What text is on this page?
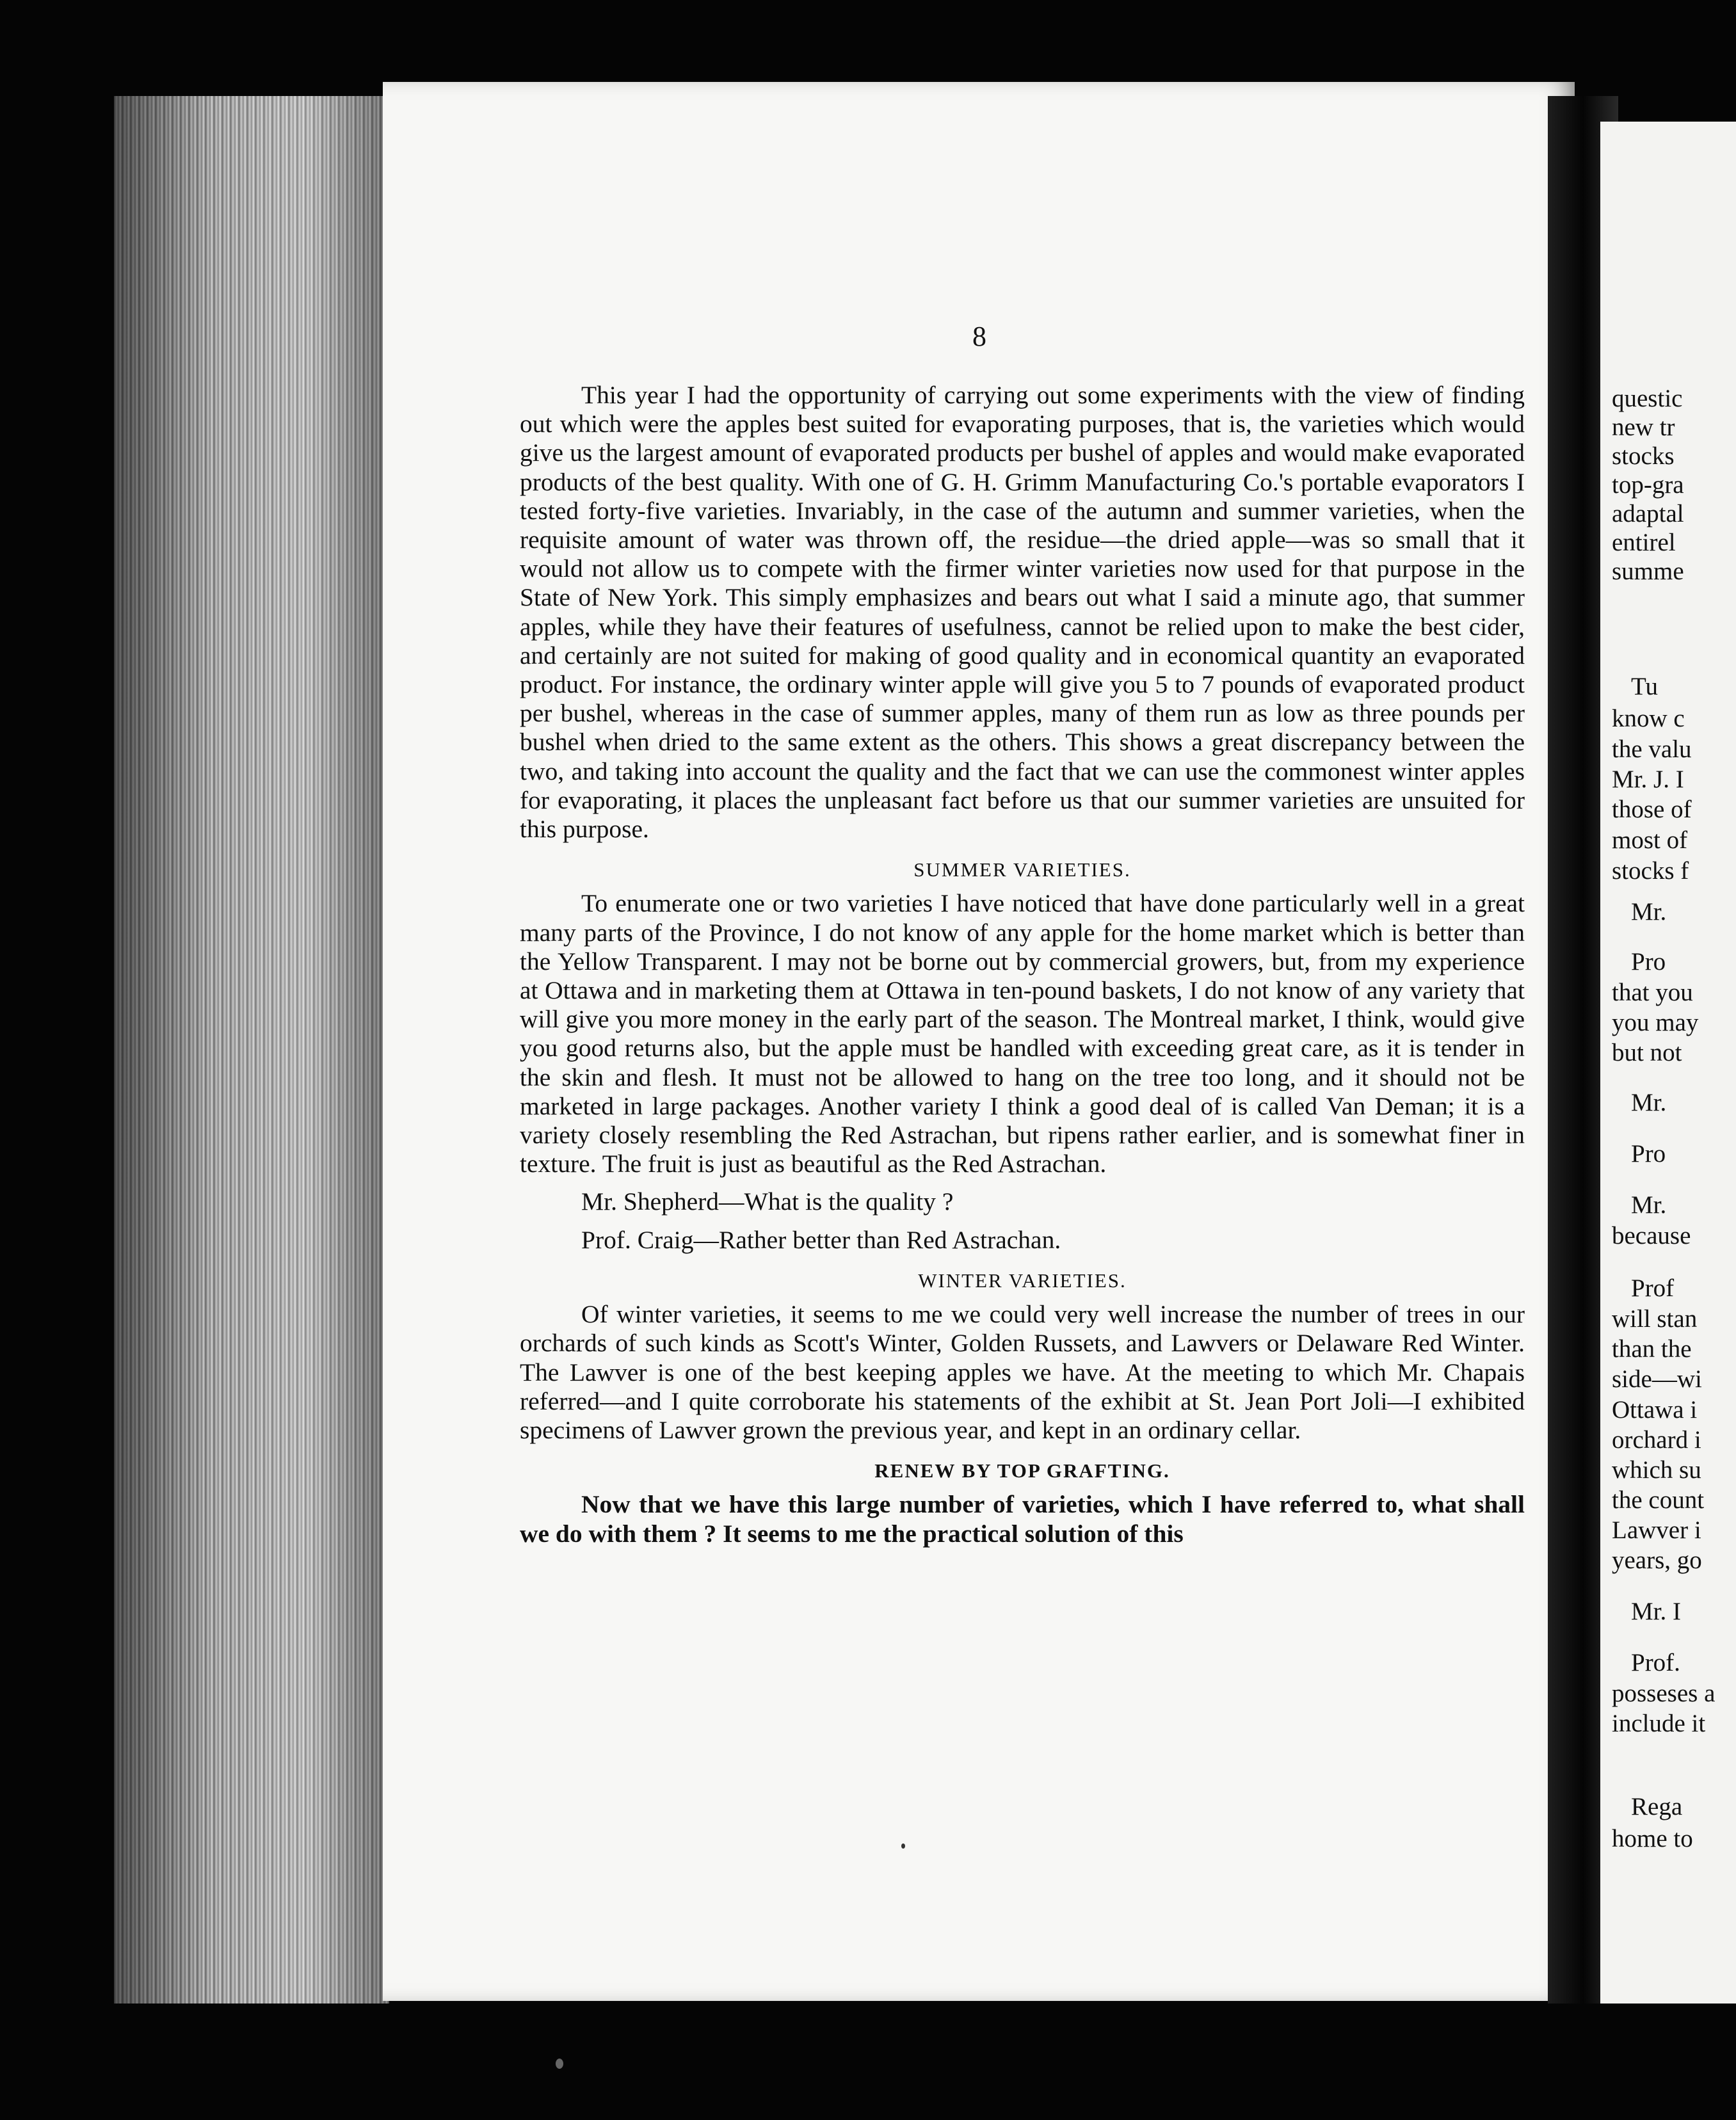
questic
new tr
stocks
top-gra
adaptal
entirel
summe
Tu
know c
the valu
Mr. J. I
those of
most of
stocks f
Mr.
Pro
that you
you may
but not
Mr.
Pro
Mr.
because
Prof
will stan
than the
side—wi
Ottawa i
orchard i
which su
the count
Lawver i
years, go
Mr. I
Prof.
posseses a
include it
Rega
home to
8

This year I had the opportunity of carrying out some experiments with the view of finding out which were the apples best suited for evaporating purposes, that is, the varieties which would give us the largest amount of evaporated products per bushel of apples and would make evaporated products of the best quality. With one of G. H. Grimm Manufacturing Co.'s portable evaporators I tested forty-five varieties. Invariably, in the case of the autumn and summer varieties, when the requisite amount of water was thrown off, the residue—the dried apple—was so small that it would not allow us to compete with the firmer winter varieties now used for that purpose in the State of New York. This simply emphasizes and bears out what I said a minute ago, that summer apples, while they have their features of usefulness, cannot be relied upon to make the best cider, and certainly are not suited for making of good quality and in economical quantity an evaporated product. For instance, the ordinary winter apple will give you 5 to 7 pounds of evaporated product per bushel, whereas in the case of summer apples, many of them run as low as three pounds per bushel when dried to the same extent as the others. This shows a great discrepancy between the two, and taking into account the quality and the fact that we can use the commonest winter apples for evaporating, it places the unpleasant fact before us that our summer varieties are unsuited for this purpose.

SUMMER VARIETIES.

To enumerate one or two varieties I have noticed that have done particularly well in a great many parts of the Province, I do not know of any apple for the home market which is better than the Yellow Transparent. I may not be borne out by commercial growers, but, from my experience at Ottawa and in marketing them at Ottawa in ten-pound baskets, I do not know of any variety that will give you more money in the early part of the season. The Montreal market, I think, would give you good returns also, but the apple must be handled with exceeding great care, as it is tender in the skin and flesh. It must not be allowed to hang on the tree too long, and it should not be marketed in large packages. Another variety I think a good deal of is called Van Deman; it is a variety closely resembling the Red Astrachan, but ripens rather earlier, and is somewhat finer in texture. The fruit is just as beautiful as the Red Astrachan.

Mr. Shepherd—What is the quality ?

Prof. Craig—Rather better than Red Astrachan.

WINTER VARIETIES.

Of winter varieties, it seems to me we could very well increase the number of trees in our orchards of such kinds as Scott's Winter, Golden Russets, and Lawvers or Delaware Red Winter. The Lawver is one of the best keeping apples we have. At the meeting to which Mr. Chapais referred—and I quite corroborate his statements of the exhibit at St. Jean Port Joli—I exhibited specimens of Lawver grown the previous year, and kept in an ordinary cellar.

RENEW BY TOP GRAFTING.

Now that we have this large number of varieties, which I have referred to, what shall we do with them ? It seems to me the practical solution of this
